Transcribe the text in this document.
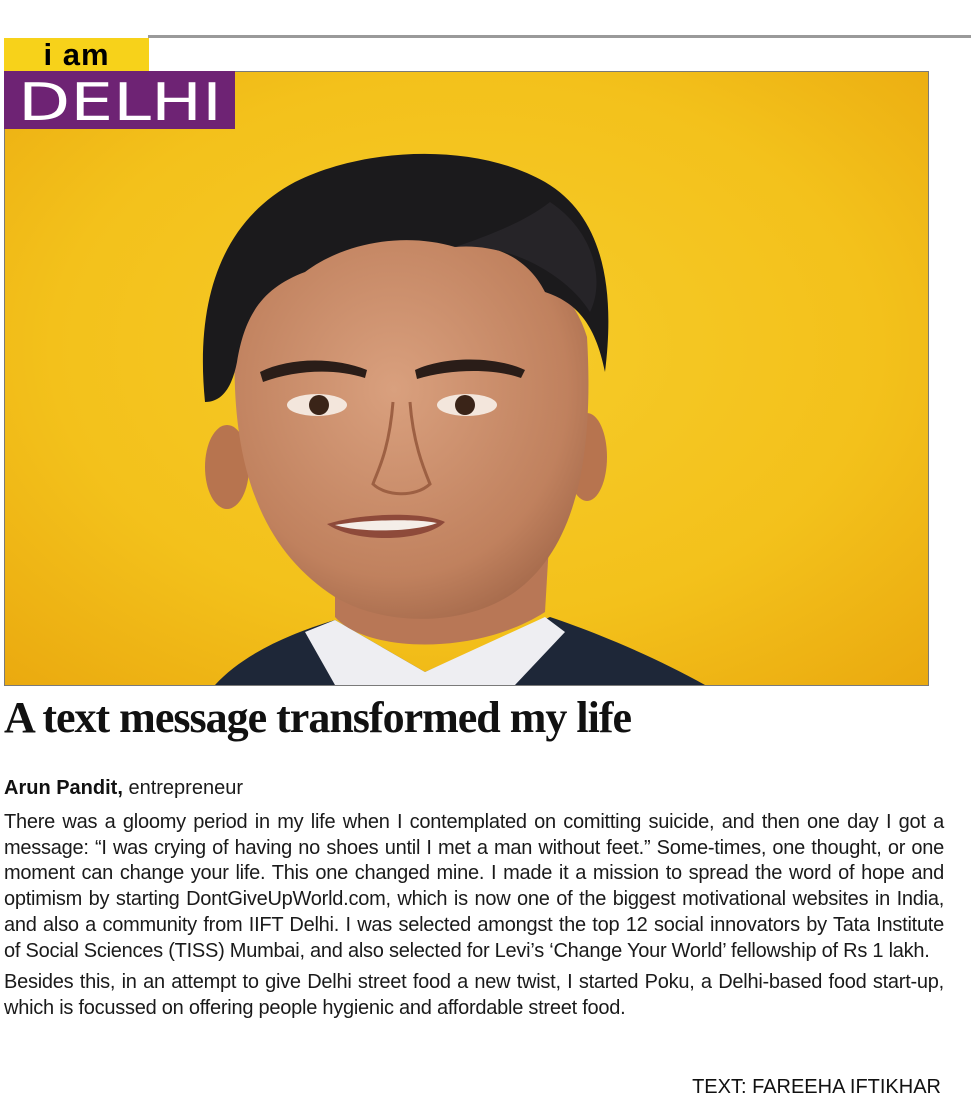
i am
DELHI
A text message transformed my life
Arun Pandit, entrepreneur

There was a gloomy period in my life when I contemplated on comitting suicide, and then one day I got a message: “I was crying of having no shoes until I met a man without feet.” Some-times, one thought, or one moment can change your life. This one changed mine. I made it a mission to spread the word of hope and optimism by starting DontGiveUpWorld.com, which is now one of the biggest motivational websites in India, and also a community from IIFT Delhi. I was selected amongst the top 12 social innovators by Tata Institute of Social Sciences (TISS) Mumbai, and also selected for Levi’s ‘Change Your World’ fellowship of Rs 1 lakh.

Besides this, in an attempt to give Delhi street food a new twist, I started Poku, a Delhi-based food start-up, which is focussed on offering people hygienic and affordable street food.

TEXT: FAREEHA IFTIKHAR
